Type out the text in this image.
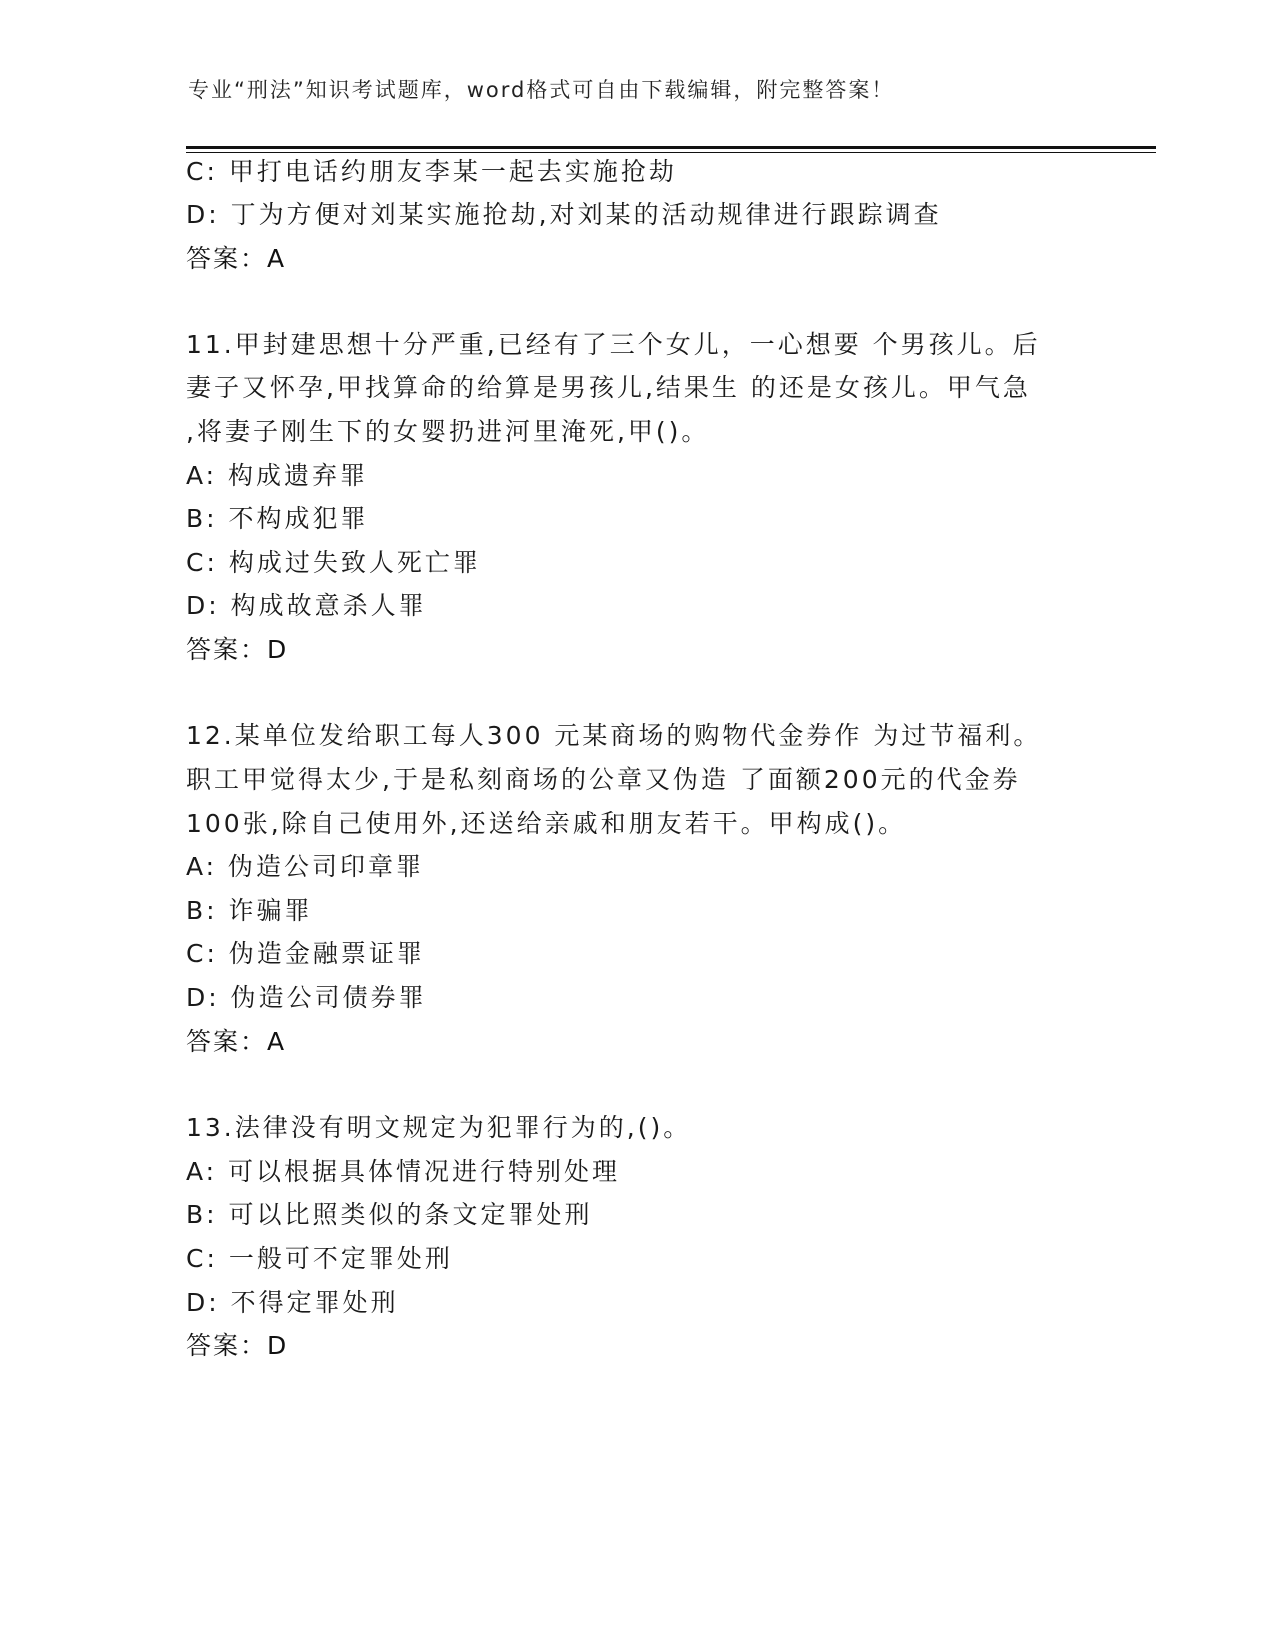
专业“刑法”知识考试题库，word格式可自由下载编辑，附完整答案！
C: 甲打电话约朋友李某一起去实施抢劫
D: 丁为方便对刘某实施抢劫,对刘某的活动规律进行跟踪调查
答案：A
11.甲封建思想十分严重,已经有了三个女儿，一心想要 个男孩儿。后
妻子又怀孕,甲找算命的给算是男孩儿,结果生 的还是女孩儿。甲气急
,将妻子刚生下的女婴扔进河里淹死,甲()。
A: 构成遗弃罪
B: 不构成犯罪
C: 构成过失致人死亡罪
D: 构成故意杀人罪
答案：D
12.某单位发给职工每人300 元某商场的购物代金券作 为过节福利。
职工甲觉得太少,于是私刻商场的公章又伪造 了面额200元的代金券
100张,除自己使用外,还送给亲戚和朋友若干。甲构成()。
A: 伪造公司印章罪
B: 诈骗罪
C: 伪造金融票证罪
D: 伪造公司债券罪
答案：A
13.法律没有明文规定为犯罪行为的,()。
A: 可以根据具体情况进行特别处理
B: 可以比照类似的条文定罪处刑
C: 一般可不定罪处刑
D: 不得定罪处刑
答案：D
